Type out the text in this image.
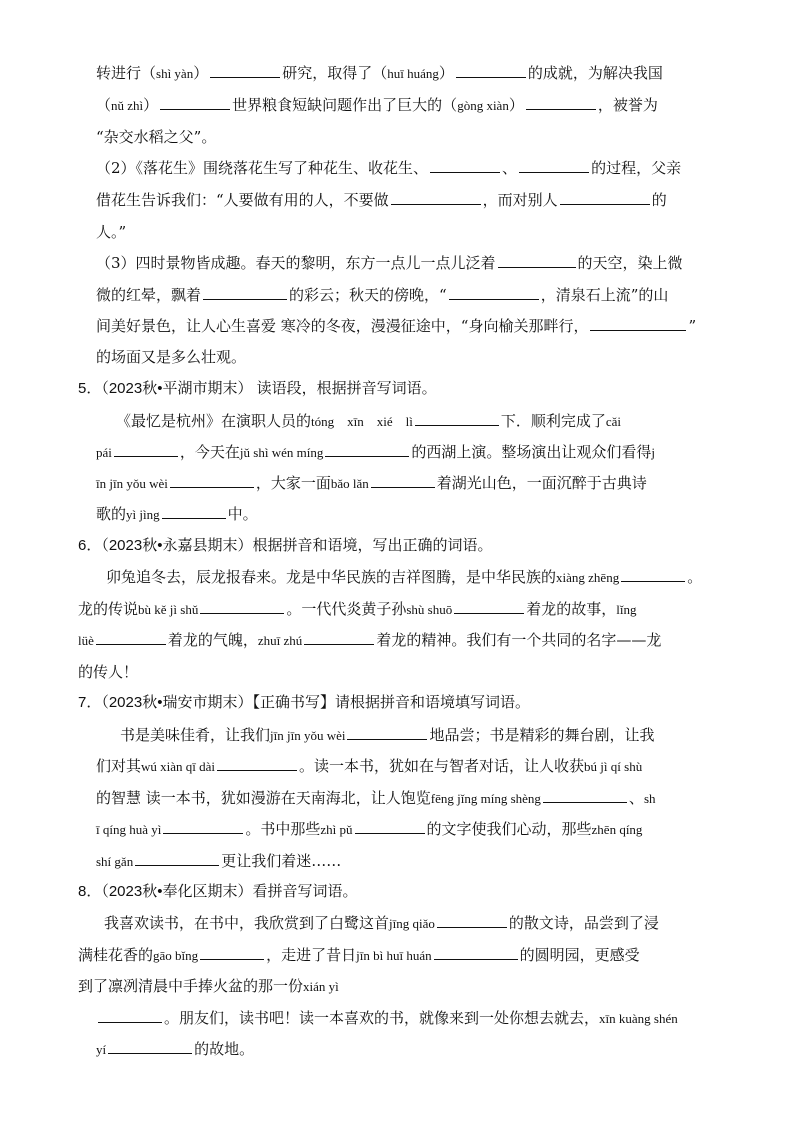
转进行（shì yàn）	研究，取得了（huī huáng）	的成就，为解决我国
（nǔ zhì）	世界粮食短缺问题作出了巨大的（gòng xiàn）	，被誉为
“杂交水稻之父”。
（2）《落花生》围绕落花生写了种花生、收花生、	、	的过程，父亲
借花生告诉我们：“人要做有用的人，不要做	，而对别人	的
人。”
（3）四时景物皆成趣。春天的黎明，东方一点儿一点儿泛着	的天空，染上微
微的红晕，飘着	的彩云；秋天的傍晚，“	，清泉石上流”的山
间美好景色，让人心生喜爱 寒冷的冬夜，漫漫征途中，“身向榆关那畔行，	”
的场面又是多么壮观。
5．（2023秋•平湖市期末） 读语段，根据拼音写词语。
《最忆是杭州》在演职人员的tóng　xīn　xié　lì	下．顺利完成了cǎi
pái	，今天在jǔ shì wén míng	的西湖上演。整场演出让观众们看得j
īn jīn yǒu wèi	，大家一面bǎo lǎn	着湖光山色，一面沉醉于古典诗
歌的yì jìng	中。
6．（2023秋•永嘉县期末）根据拼音和语境，写出正确的词语。
卯兔追冬去，辰龙报春来。龙是中华民族的吉祥图腾，是中华民族的xiàng zhēng	。
龙的传说bù kě jì shǔ	。一代代炎黄子孙shù shuō	着龙的故事，lǐng
lüè	着龙的气魄，zhuī zhú	着龙的精神。我们有一个共同的名字——龙
的传人！
7．（2023秋•瑞安市期末）【正确书写】请根据拼音和语境填写词语。
书是美味佳肴，让我们jīn jīn yǒu wèi	地品尝；书是精彩的舞台剧，让我
们对其wú xiàn qī dài	。读一本书，犹如在与智者对话，让人收获bú jì qí shù
的智慧 读一本书，犹如漫游在天南海北，让人饱览fēng jǐng míng shèng	、sh
ī qíng huà yì	。书中那些zhì pǔ	的文字使我们心动，那些zhēn qíng
shí gǎn	更让我们着迷……
8．（2023秋•奉化区期末）看拼音写词语。
我喜欢读书，在书中，我欣赏到了白鹭这首jīng qiǎo	的散文诗，品尝到了浸
满桂花香的gāo bǐng	，走进了昔日jīn bì huī huán	的圆明园，更感受
到了凛冽清晨中手捧火盆的那一份xián yì
。朋友们，读书吧！读一本喜欢的书，就像来到一处你想去就去，xīn kuàng shén
yí	的故地。
